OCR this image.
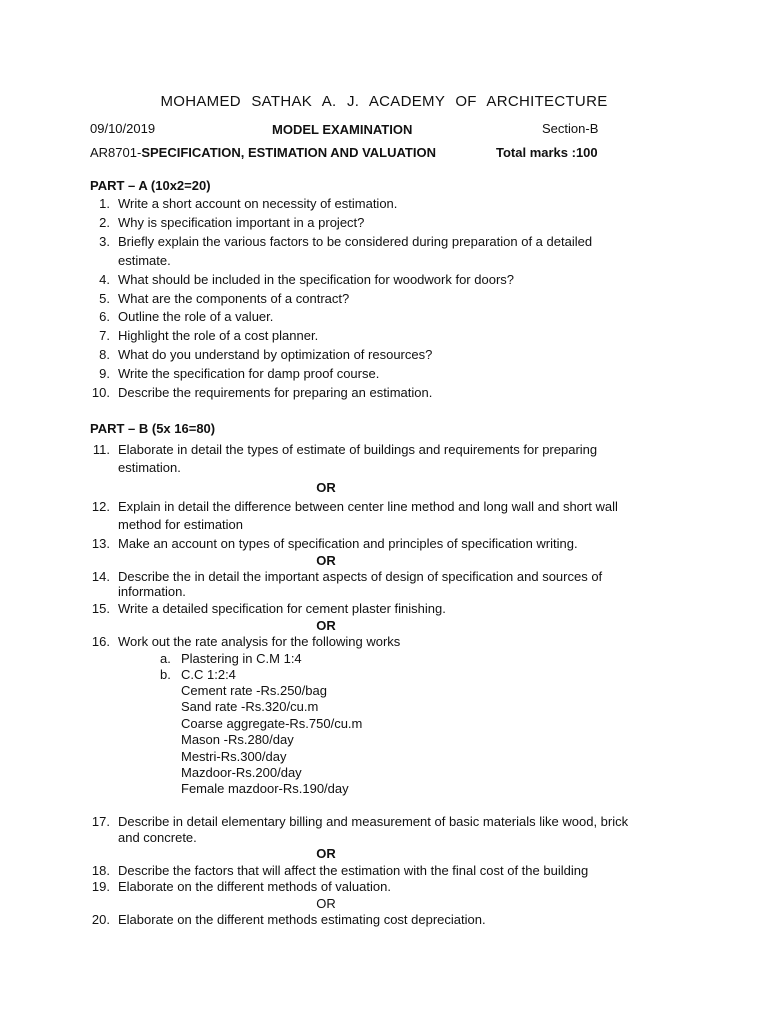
MOHAMED SATHAK A. J. ACADEMY OF ARCHITECTURE
09/10/2019	MODEL EXAMINATION	Section-B
AR8701-SPECIFICATION, ESTIMATION AND VALUATION	Total marks :100
PART – A (10x2=20)
1. Write a short account on necessity of estimation.
2. Why is specification important in a project?
3. Briefly explain the various factors to be considered during preparation of a detailed
estimate.
4. What should be included in the specification for woodwork for doors?
5. What are the components of a contract?
6. Outline the role of a valuer.
7. Highlight the role of a cost planner.
8. What do you understand by optimization of resources?
9. Write the specification for damp proof course.
10. Describe the requirements for preparing an estimation.
PART – B (5x 16=80)
11. Elaborate in detail the types of estimate of buildings and requirements for preparing
estimation.
OR
12. Explain in detail the difference between center line method and long wall and short wall
method for estimation
13. Make an account on types of specification and principles of specification writing.
OR
14. Describe the in detail the important aspects of design of specification and sources of
information.
15. Write a detailed specification for cement plaster finishing.
OR
16. Work out the rate analysis for the following works
a. Plastering in C.M 1:4
b. C.C 1:2:4
Cement rate -Rs.250/bag
Sand rate -Rs.320/cu.m
Coarse aggregate-Rs.750/cu.m
Mason -Rs.280/day
Mestri-Rs.300/day
Mazdoor-Rs.200/day
Female mazdoor-Rs.190/day
17. Describe in detail elementary billing and measurement of basic materials like wood, brick
and concrete.
OR
18. Describe the factors that will affect the estimation with the final cost of the building
19. Elaborate on the different methods of valuation.
OR
20. Elaborate on the different methods estimating cost depreciation.
